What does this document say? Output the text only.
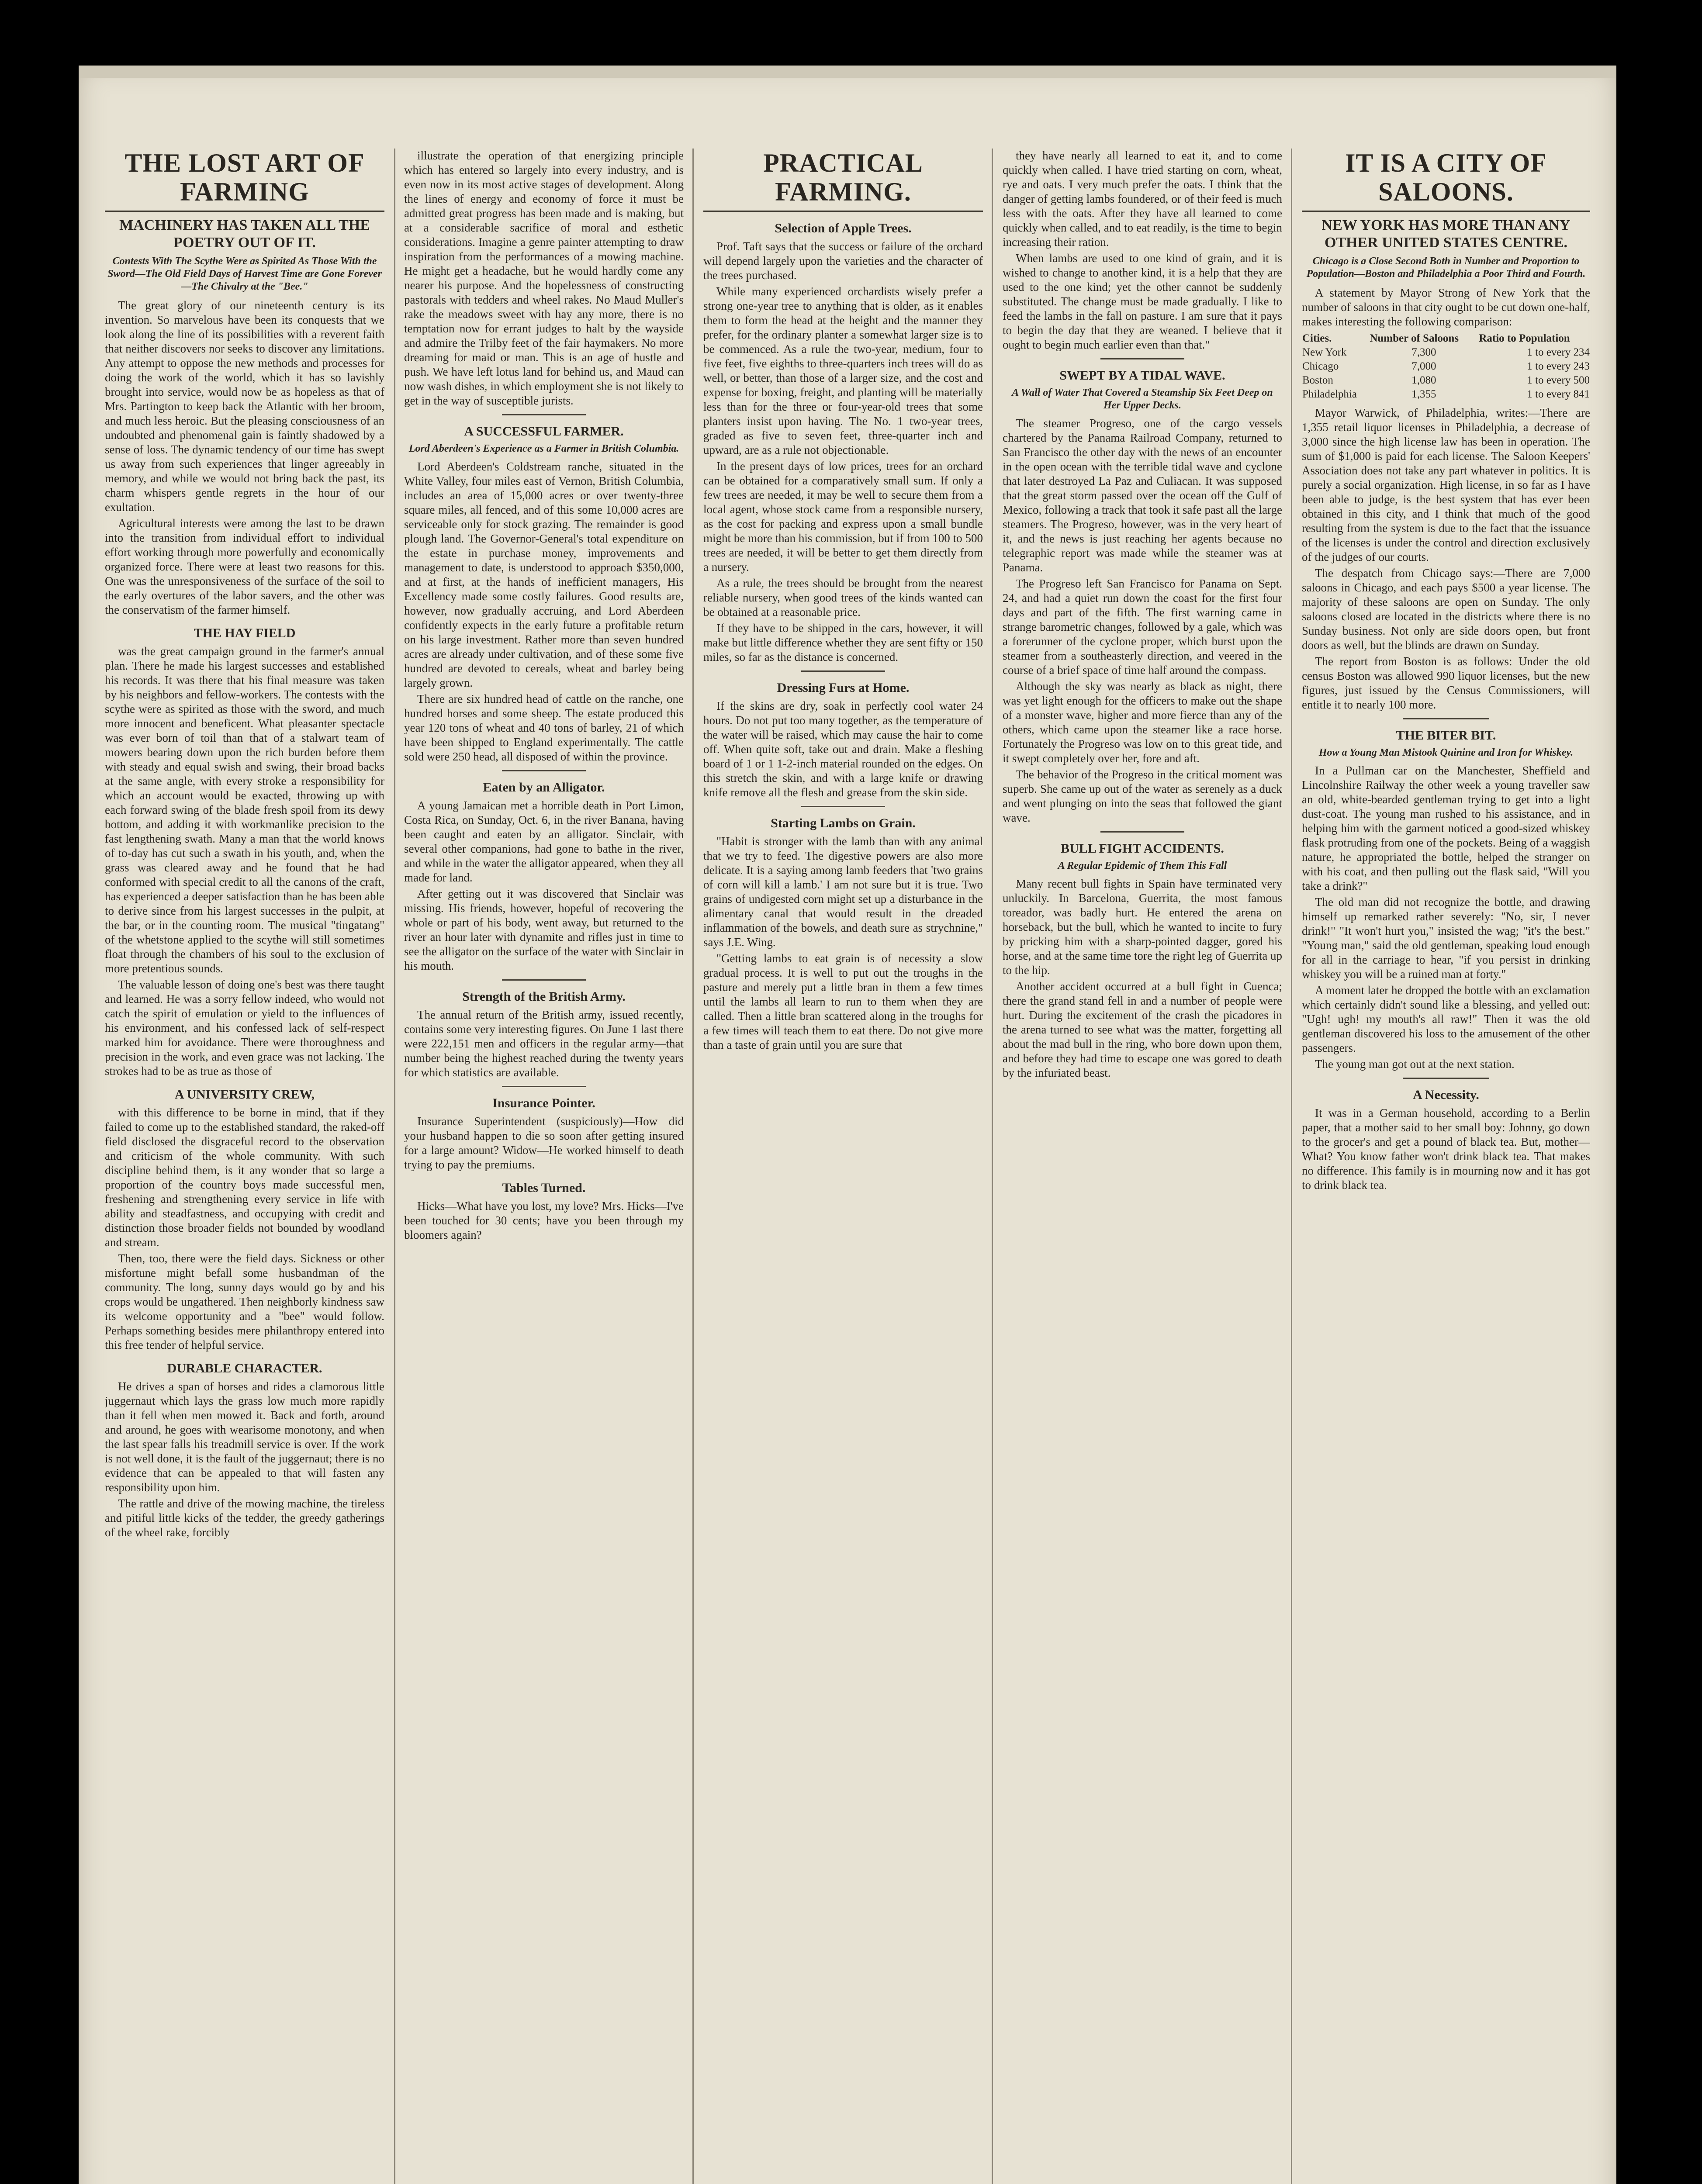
THE LOST ART OF FARMING
MACHINERY HAS TAKEN ALL THE POETRY OUT OF IT.
Contests With The Scythe Were as Spirited As Those With the Sword—The Old Field Days of Harvest Time are Gone Forever—The Chivalry at the "Bee."

The great glory of our nineteenth century is its invention. So marvelous have been its conquests that we look along the line of its possibilities with a reverent faith that neither discovers nor seeks to discover any limitations. Any attempt to oppose the new methods and processes for doing the work of the world, which it has so lavishly brought into service, would now be as hopeless as that of Mrs. Partington to keep back the Atlantic with her broom, and much less heroic. But the pleasing consciousness of an undoubted and phenomenal gain is faintly shadowed by a sense of loss. The dynamic tendency of our time has swept us away from such experiences that linger agreeably in memory, and while we would not bring back the past, its charm whispers gentle regrets in the hour of our exultation.

Agricultural interests were among the last to be drawn into the transition from individual effort to individual effort working through more powerfully and economically organized force. There were at least two reasons for this. One was the unresponsiveness of the surface of the soil to the early overtures of the labor savers, and the other was the conservatism of the farmer himself.

THE HAY FIELD

was the great campaign ground in the farmer's annual plan. There he made his largest successes and established his records. It was there that his final measure was taken by his neighbors and fellow-workers. The contests with the scythe were as spirited as those with the sword, and much more innocent and beneficent. What pleasanter spectacle was ever born of toil than that of a stalwart team of mowers bearing down upon the rich burden before them with steady and equal swish and swing, their broad backs at the same angle, with every stroke a responsibility for which an account would be exacted, throwing up with each forward swing of the blade fresh spoil from its dewy bottom, and adding it with workmanlike precision to the fast lengthening swath. Many a man that the world knows of to-day has cut such a swath in his youth, and, when the grass was cleared away and he found that he had conformed with special credit to all the canons of the craft, has experienced a deeper satisfaction than he has been able to derive since from his largest successes in the pulpit, at the bar, or in the counting room. The musical "tingatang" of the whetstone applied to the scythe will still sometimes float through the chambers of his soul to the exclusion of more pretentious sounds.

The valuable lesson of doing one's best was there taught and learned. He was a sorry fellow indeed, who would not catch the spirit of emulation or yield to the influences of his environment, and his confessed lack of self-respect marked him for avoidance. There were thoroughness and precision in the work, and even grace was not lacking. The strokes had to be as true as those of

A UNIVERSITY CREW,

with this difference to be borne in mind, that if they failed to come up to the established standard, the raked-off field disclosed the disgraceful record to the observation and criticism of the whole community. With such discipline behind them, is it any wonder that so large a proportion of the country boys made successful men, freshening and strengthening every service in life with ability and steadfastness, and occupying with credit and distinction those broader fields not bounded by woodland and stream.

Then, too, there were the field days. Sickness or other misfortune might befall some husbandman of the community. The long, sunny days would go by and his crops would be ungathered. Then neighborly kindness saw its welcome opportunity and a "bee" would follow. Perhaps something besides mere philanthropy entered into this free tender of helpful service.

DURABLE CHARACTER.

He drives a span of horses and rides a clamorous little juggernaut which lays the grass low much more rapidly than it fell when men mowed it. Back and forth, around and around, he goes with wearisome monotony, and when the last spear falls his treadmill service is over. If the work is not well done, it is the fault of the juggernaut; there is no evidence that can be appealed to that will fasten any responsibility upon him.

The rattle and drive of the mowing machine, the tireless and pitiful little kicks of the tedder, the greedy gatherings of the wheel rake, forcibly

illustrate the operation of that energizing principle which has entered so largely into every industry, and is even now in its most active stages of development. Along the lines of energy and economy of force it must be admitted great progress has been made and is making, but at a considerable sacrifice of moral and esthetic considerations. Imagine a genre painter attempting to draw inspiration from the performances of a mowing machine. He might get a headache, but he would hardly come any nearer his purpose. And the hopelessness of constructing pastorals with tedders and wheel rakes. No Maud Muller's rake the meadows sweet with hay any more, there is no temptation now for errant judges to halt by the wayside and admire the Trilby feet of the fair haymakers. No more dreaming for maid or man. This is an age of hustle and push. We have left lotus land for behind us, and Maud can now wash dishes, in which employment she is not likely to get in the way of susceptible jurists.

A SUCCESSFUL FARMER.
Lord Aberdeen's Experience as a Farmer in British Columbia.

Lord Aberdeen's Coldstream ranche, situated in the White Valley, four miles east of Vernon, British Columbia, includes an area of 15,000 acres or over twenty-three square miles, all fenced, and of this some 10,000 acres are serviceable only for stock grazing. The remainder is good plough land. The Governor-General's total expenditure on the estate in purchase money, improvements and management to date, is understood to approach $350,000, and at first, at the hands of inefficient managers, His Excellency made some costly failures. Good results are, however, now gradually accruing, and Lord Aberdeen confidently expects in the early future a profitable return on his large investment. Rather more than seven hundred acres are already under cultivation, and of these some five hundred are devoted to cereals, wheat and barley being largely grown.

There are six hundred head of cattle on the ranche, one hundred horses and some sheep. The estate produced this year 120 tons of wheat and 40 tons of barley, 21 of which have been shipped to England experimentally. The cattle sold were 250 head, all disposed of within the province.

Eaten by an Alligator.

A young Jamaican met a horrible death in Port Limon, Costa Rica, on Sunday, Oct. 6, in the river Banana, having been caught and eaten by an alligator. Sinclair, with several other companions, had gone to bathe in the river, and while in the water the alligator appeared, when they all made for land.

After getting out it was discovered that Sinclair was missing. His friends, however, hopeful of recovering the whole or part of his body, went away, but returned to the river an hour later with dynamite and rifles just in time to see the alligator on the surface of the water with Sinclair in his mouth.

Strength of the British Army.

The annual return of the British army, issued recently, contains some very interesting figures. On June 1 last there were 222,151 men and officers in the regular army—that number being the highest reached during the twenty years for which statistics are available.

Insurance Pointer.

Insurance Superintendent (suspiciously)—How did your husband happen to die so soon after getting insured for a large amount? Widow—He worked himself to death trying to pay the premiums.

Tables Turned.

Hicks—What have you lost, my love? Mrs. Hicks—I've been touched for 30 cents; have you been through my bloomers again?

PRACTICAL FARMING.
Selection of Apple Trees.

Prof. Taft says that the success or failure of the orchard will depend largely upon the varieties and the character of the trees purchased.

While many experienced orchardists wisely prefer a strong one-year tree to anything that is older, as it enables them to form the head at the height and the manner they prefer, for the ordinary planter a somewhat larger size is to be commenced. As a rule the two-year, medium, four to five feet, five eighths to three-quarters inch trees will do as well, or better, than those of a larger size, and the cost and expense for boxing, freight, and planting will be materially less than for the three or four-year-old trees that some planters insist upon having. The No. 1 two-year trees, graded as five to seven feet, three-quarter inch and upward, are as a rule not objectionable.

In the present days of low prices, trees for an orchard can be obtained for a comparatively small sum. If only a few trees are needed, it may be well to secure them from a local agent, whose stock came from a responsible nursery, as the cost for packing and express upon a small bundle might be more than his commission, but if from 100 to 500 trees are needed, it will be better to get them directly from a nursery.

As a rule, the trees should be brought from the nearest reliable nursery, when good trees of the kinds wanted can be obtained at a reasonable price.

If they have to be shipped in the cars, however, it will make but little difference whether they are sent fifty or 150 miles, so far as the distance is concerned.

Dressing Furs at Home.

If the skins are dry, soak in perfectly cool water 24 hours. Do not put too many together, as the temperature of the water will be raised, which may cause the hair to come off. When quite soft, take out and drain. Make a fleshing board of 1 or 1 1-2-inch material rounded on the edges. On this stretch the skin, and with a large knife or drawing knife remove all the flesh and grease from the skin side.

Starting Lambs on Grain.

"Habit is stronger with the lamb than with any animal that we try to feed. The digestive powers are also more delicate. It is a saying among lamb feeders that 'two grains of corn will kill a lamb.' I am not sure but it is true. Two grains of undigested corn might set up a disturbance in the alimentary canal that would result in the dreaded inflammation of the bowels, and death sure as strychnine," says J.E. Wing.

"Getting lambs to eat grain is of necessity a slow gradual process. It is well to put out the troughs in the pasture and merely put a little bran in them a few times until the lambs all learn to run to them when they are called. Then a little bran scattered along in the troughs for a few times will teach them to eat there. Do not give more than a taste of grain until you are sure that

they have nearly all learned to eat it, and to come quickly when called. I have tried starting on corn, wheat, rye and oats. I very much prefer the oats. I think that the danger of getting lambs foundered, or of their feed is much less with the oats. After they have all learned to come quickly when called, and to eat readily, is the time to begin increasing their ration.

When lambs are used to one kind of grain, and it is wished to change to another kind, it is a help that they are used to the one kind; yet the other cannot be suddenly substituted. The change must be made gradually. I like to feed the lambs in the fall on pasture. I am sure that it pays to begin the day that they are weaned. I believe that it ought to begin much earlier even than that."

SWEPT BY A TIDAL WAVE.
A Wall of Water That Covered a Steamship Six Feet Deep on Her Upper Decks.

The steamer Progreso, one of the cargo vessels chartered by the Panama Railroad Company, returned to San Francisco the other day with the news of an encounter in the open ocean with the terrible tidal wave and cyclone that later destroyed La Paz and Culiacan. It was supposed that the great storm passed over the ocean off the Gulf of Mexico, following a track that took it safe past all the large steamers. The Progreso, however, was in the very heart of it, and the news is just reaching her agents because no telegraphic report was made while the steamer was at Panama.

The Progreso left San Francisco for Panama on Sept. 24, and had a quiet run down the coast for the first four days and part of the fifth. The first warning came in strange barometric changes, followed by a gale, which was a forerunner of the cyclone proper, which burst upon the steamer from a southeasterly direction, and veered in the course of a brief space of time half around the compass.

Although the sky was nearly as black as night, there was yet light enough for the officers to make out the shape of a monster wave, higher and more fierce than any of the others, which came upon the steamer like a race horse. Fortunately the Progreso was low on to this great tide, and it swept completely over her, fore and aft.

The behavior of the Progreso in the critical moment was superb. She came up out of the water as serenely as a duck and went plunging on into the seas that followed the giant wave.

BULL FIGHT ACCIDENTS.
A Regular Epidemic of Them This Fall

Many recent bull fights in Spain have terminated very unluckily. In Barcelona, Guerrita, the most famous toreador, was badly hurt. He entered the arena on horseback, but the bull, which he wanted to incite to fury by pricking him with a sharp-pointed dagger, gored his horse, and at the same time tore the right leg of Guerrita up to the hip.

Another accident occurred at a bull fight in Cuenca; there the grand stand fell in and a number of people were hurt. During the excitement of the crash the picadores in the arena turned to see what was the matter, forgetting all about the mad bull in the ring, who bore down upon them, and before they had time to escape one was gored to death by the infuriated beast.

IT IS A CITY OF SALOONS.
NEW YORK HAS MORE THAN ANY OTHER UNITED STATES CENTRE.
Chicago is a Close Second Both in Number and Proportion to Population—Boston and Philadelphia a Poor Third and Fourth.

A statement by Mayor Strong of New York that the number of saloons in that city ought to be cut down one-half, makes interesting the following comparison:

Cities.	Number of Saloons	Ratio to Population
New York	7,300	1 to every 234
Chicago	7,000	1 to every 243
Boston	1,080	1 to every 500
Philadelphia	1,355	1 to every 841

Mayor Warwick, of Philadelphia, writes:—There are 1,355 retail liquor licenses in Philadelphia, a decrease of 3,000 since the high license law has been in operation. The sum of $1,000 is paid for each license. The Saloon Keepers' Association does not take any part whatever in politics. It is purely a social organization. High license, in so far as I have been able to judge, is the best system that has ever been obtained in this city, and I think that much of the good resulting from the system is due to the fact that the issuance of the licenses is under the control and direction exclusively of the judges of our courts.

The despatch from Chicago says:—There are 7,000 saloons in Chicago, and each pays $500 a year license. The majority of these saloons are open on Sunday. The only saloons closed are located in the districts where there is no Sunday business. Not only are side doors open, but front doors as well, but the blinds are drawn on Sunday.

The report from Boston is as follows: Under the old census Boston was allowed 990 liquor licenses, but the new figures, just issued by the Census Commissioners, will entitle it to nearly 100 more.

THE BITER BIT.
How a Young Man Mistook Quinine and Iron for Whiskey.

In a Pullman car on the Manchester, Sheffield and Lincolnshire Railway the other week a young traveller saw an old, white-bearded gentleman trying to get into a light dust-coat. The young man rushed to his assistance, and in helping him with the garment noticed a good-sized whiskey flask protruding from one of the pockets. Being of a waggish nature, he appropriated the bottle, helped the stranger on with his coat, and then pulling out the flask said, "Will you take a drink?"

The old man did not recognize the bottle, and drawing himself up remarked rather severely: "No, sir, I never drink!" "It won't hurt you," insisted the wag; "it's the best." "Young man," said the old gentleman, speaking loud enough for all in the carriage to hear, "if you persist in drinking whiskey you will be a ruined man at forty."

A moment later he dropped the bottle with an exclamation which certainly didn't sound like a blessing, and yelled out: "Ugh! ugh! my mouth's all raw!" Then it was the old gentleman discovered his loss to the amusement of the other passengers.

The young man got out at the next station.

A Necessity.

It was in a German household, according to a Berlin paper, that a mother said to her small boy: Johnny, go down to the grocer's and get a pound of black tea. But, mother—What? You know father won't drink black tea. That makes no difference. This family is in mourning now and it has got to drink black tea.
